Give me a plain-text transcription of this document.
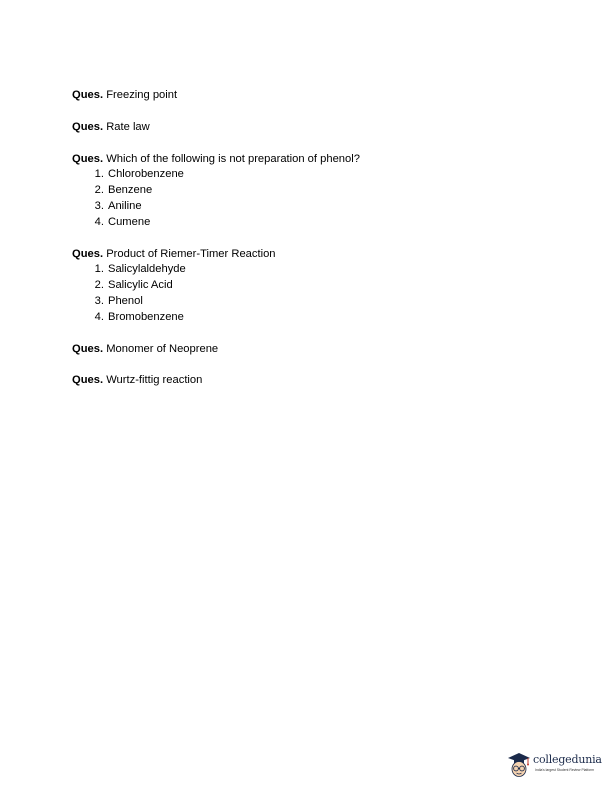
Ques. Freezing point
Ques. Rate law
Ques. Which of the following is not preparation of phenol?
1. Chlorobenzene
2. Benzene
3. Aniline
4. Cumene
Ques. Product of Riemer-Timer Reaction
1. Salicylaldehyde
2. Salicylic Acid
3. Phenol
4. Bromobenzene
Ques. Monomer of Neoprene
Ques. Wurtz-fittig reaction
collegedunia
India's largest Student Review Platform
